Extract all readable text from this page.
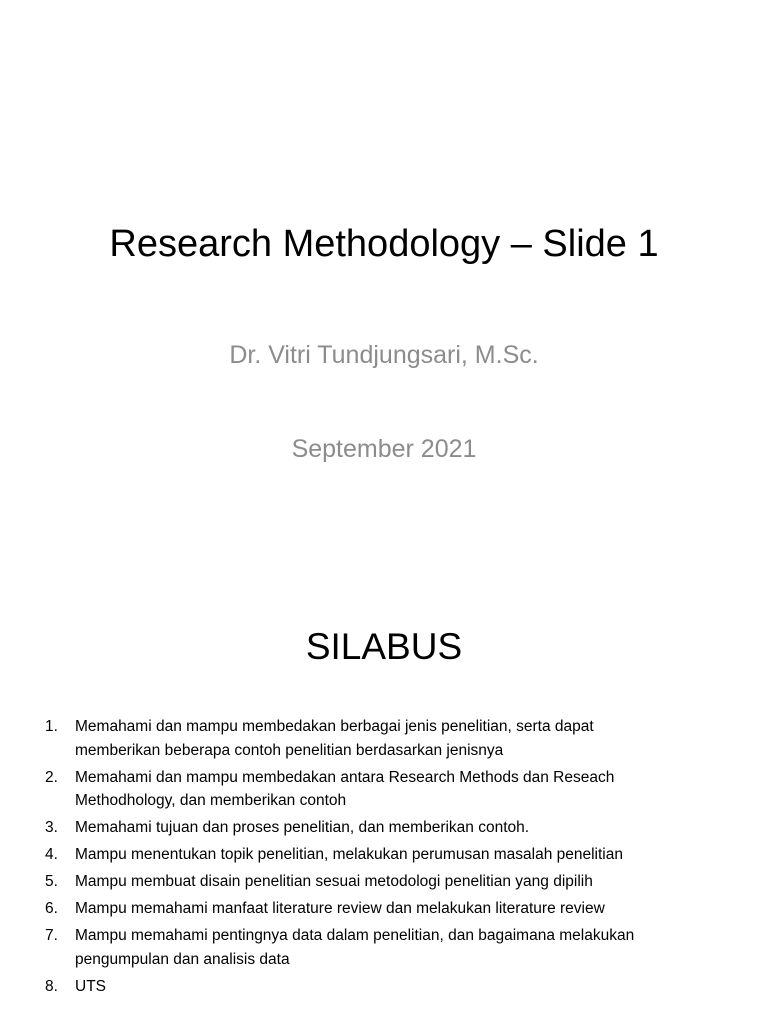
Research Methodology – Slide 1
Dr. Vitri Tundjungsari, M.Sc.
September 2021
SILABUS
1.	Memahami dan mampu membedakan berbagai jenis penelitian, serta dapat
memberikan beberapa contoh penelitian berdasarkan jenisnya
2.	Memahami dan mampu membedakan antara Research Methods dan Reseach
Methodhology, dan memberikan contoh
3.	Memahami tujuan dan proses penelitian, dan memberikan contoh.
4.	Mampu menentukan topik penelitian, melakukan perumusan masalah penelitian
5.	Mampu membuat disain penelitian sesuai metodologi penelitian yang dipilih
6.	Mampu memahami manfaat literature review dan melakukan literature review
7.	Mampu memahami pentingnya data dalam penelitian, dan bagaimana melakukan
pengumpulan dan analisis data
8.	UTS
